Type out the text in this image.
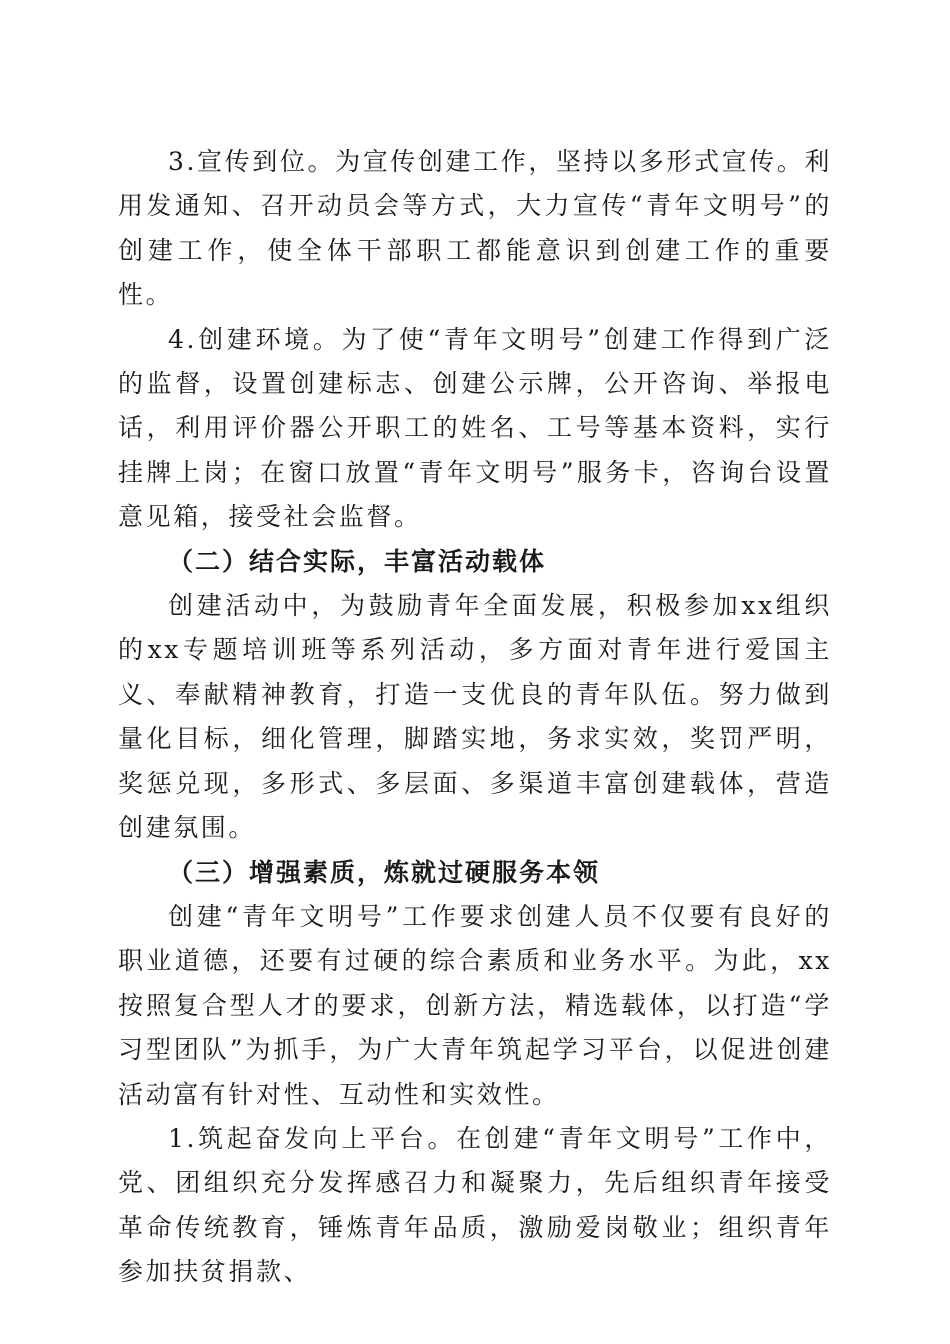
3.宣传到位。为宣传创建工作，坚持以多形式宣传。利用发通知、召开动员会等方式，大力宣传“青年文明号”的创建工作，使全体干部职工都能意识到创建工作的重要性。

4.创建环境。为了使“青年文明号”创建工作得到广泛的监督，设置创建标志、创建公示牌，公开咨询、举报电话，利用评价器公开职工的姓名、工号等基本资料，实行挂牌上岗；在窗口放置“青年文明号”服务卡，咨询台设置意见箱，接受社会监督。

（二）结合实际，丰富活动载体

创建活动中，为鼓励青年全面发展，积极参加xx组织的xx专题培训班等系列活动，多方面对青年进行爱国主义、奉献精神教育，打造一支优良的青年队伍。努力做到量化目标，细化管理，脚踏实地，务求实效，奖罚严明，奖惩兑现，多形式、多层面、多渠道丰富创建载体，营造创建氛围。

（三）增强素质，炼就过硬服务本领

创建“青年文明号”工作要求创建人员不仅要有良好的职业道德，还要有过硬的综合素质和业务水平。为此，xx按照复合型人才的要求，创新方法，精选载体，以打造“学习型团队”为抓手，为广大青年筑起学习平台，以促进创建活动富有针对性、互动性和实效性。

1.筑起奋发向上平台。在创建“青年文明号”工作中，党、团组织充分发挥感召力和凝聚力，先后组织青年接受革命传统教育，锤炼青年品质，激励爱岗敬业；组织青年参加扶贫捐款、
